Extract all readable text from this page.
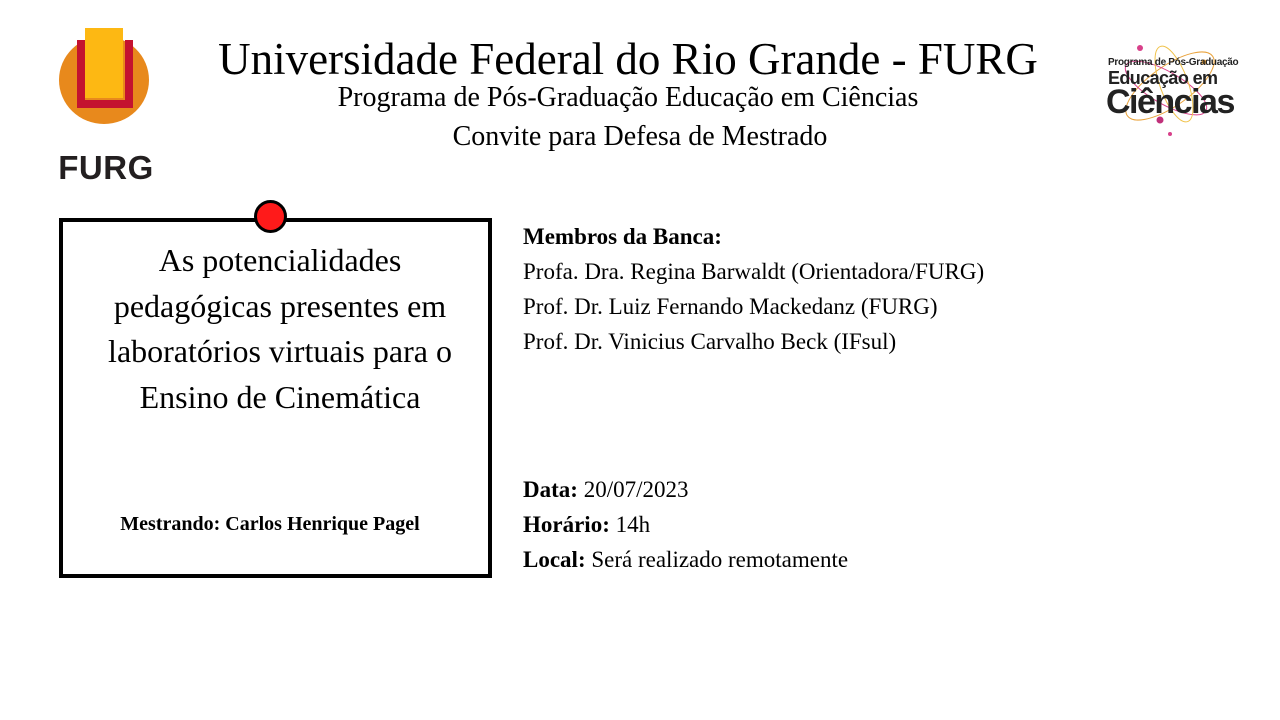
FURG
Universidade Federal do Rio Grande - FURG
Programa de Pós-Graduação Educação em Ciências
Convite para Defesa de Mestrado
Programa de Pós-Graduação
Educação em
Ciências
As potencialidades pedagógicas presentes em laboratórios virtuais para o Ensino de Cinemática
Mestrando: Carlos Henrique Pagel
Membros da Banca:
Profa. Dra. Regina Barwaldt (Orientadora/FURG)
Prof. Dr. Luiz Fernando Mackedanz (FURG)
Prof. Dr. Vinicius Carvalho Beck (IFsul)
Data: 20/07/2023
Horário: 14h
Local: Será realizado remotamente
